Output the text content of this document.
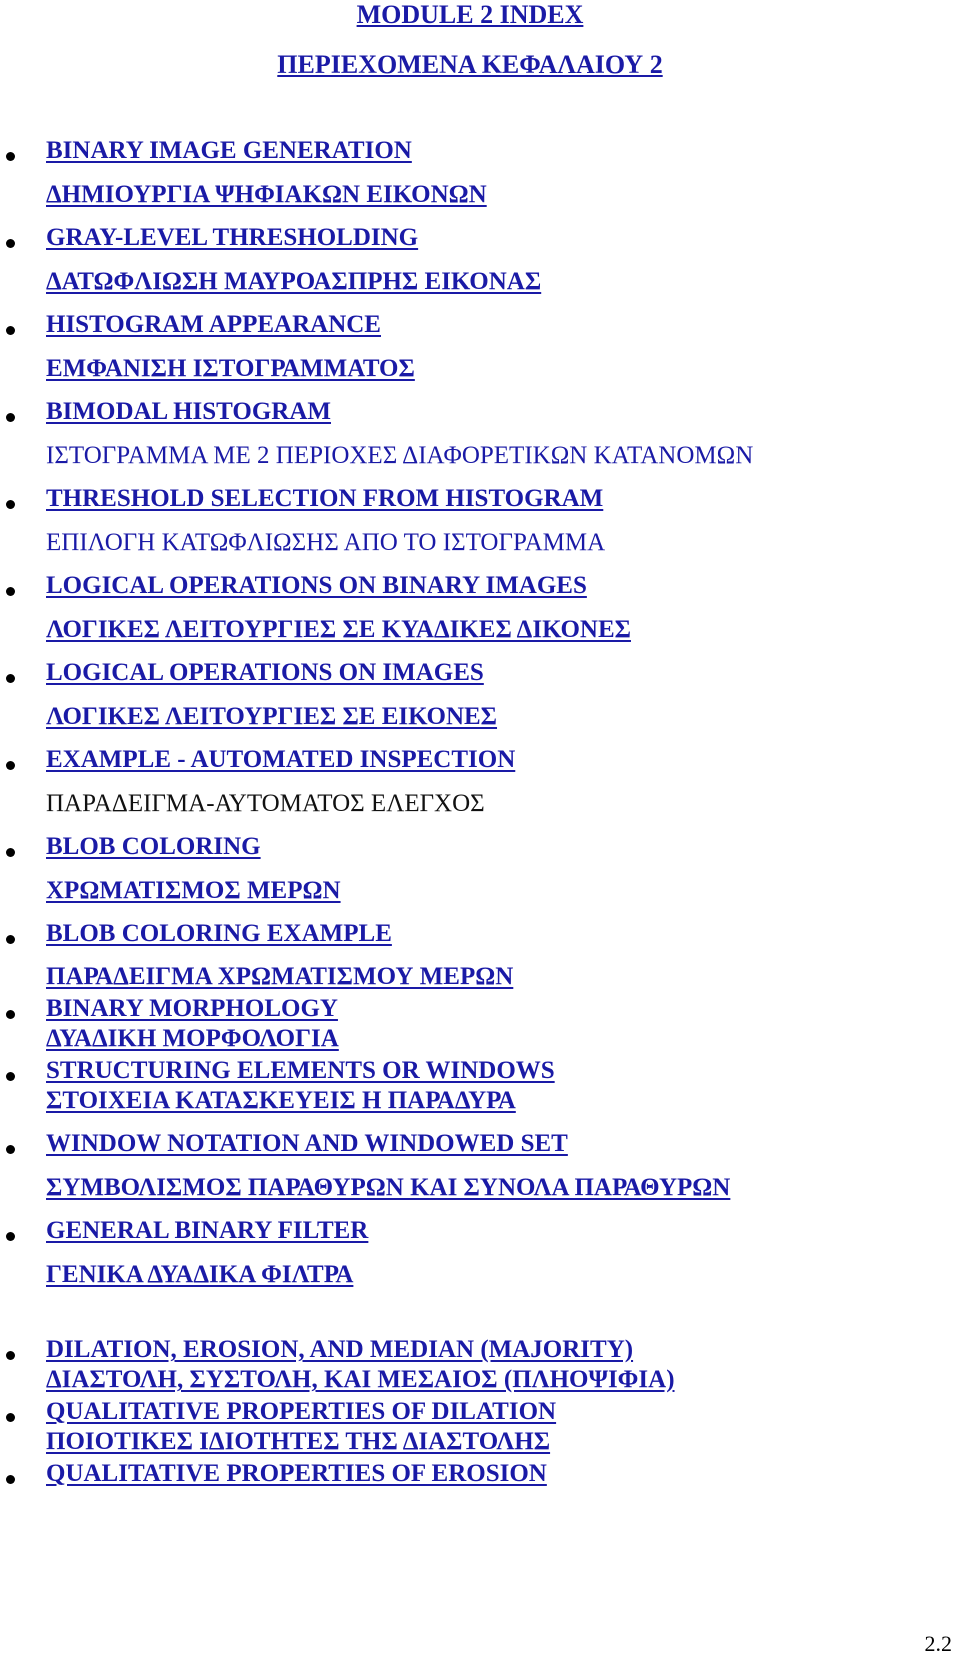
MODULE 2 INDEX
ΠΕΡΙΕΧΟΜΕΝΑ ΚΕΦΑΛΑΙΟΥ 2
BINARY IMAGE GENERATION
ΔΗΜΙΟΥΡΓΙΑ ΨΗΦΙΑΚΩΝ ΕΙΚΟΝΩΝ
GRAY-LEVEL THRESHOLDING
ΔΑΤΩΦΛΙΩΣΗ ΜΑΥΡΟΑΣΠΡΗΣ ΕΙΚΟΝΑΣ
HISTOGRAM APPEARANCE
ΕΜΦΑΝΙΣΗ ΙΣΤΟΓΡΑΜΜΑΤΟΣ
BIMODAL HISTOGRAM
ΙΣΤΟΓΡΑΜΜΑ ΜΕ 2 ΠΕΡΙΟΧΕΣ ΔΙΑΦΟΡΕΤΙΚΩΝ ΚΑΤΑΝΟΜΩΝ
THRESHOLD SELECTION FROM HISTOGRAM
ΕΠΙΛΟΓΗ ΚΑΤΩΦΛΙΩΣΗΣ ΑΠΟ ΤΟ ΙΣΤΟΓΡΑΜΜΑ
LOGICAL OPERATIONS ON BINARY IMAGES
ΛΟΓΙΚΕΣ ΛΕΙΤΟΥΡΓΙΕΣ ΣΕ ΚΥΑΔΙΚΕΣ ΔΙΚΟΝΕΣ
LOGICAL OPERATIONS ON IMAGES
ΛΟΓΙΚΕΣ ΛΕΙΤΟΥΡΓΙΕΣ ΣΕ ΕΙΚΟΝΕΣ
EXAMPLE - AUTOMATED INSPECTION
ΠΑΡΑΔΕΙΓΜΑ-ΑΥΤΟΜΑΤΟΣ ΕΛΕΓΧΟΣ
BLOB COLORING
ΧΡΩΜΑΤΙΣΜΟΣ ΜΕΡΩΝ
BLOB COLORING EXAMPLE
ΠΑΡΑΔΕΙΓΜΑ ΧΡΩΜΑΤΙΣΜΟΥ ΜΕΡΩΝ
BINARY MORPHOLOGY
ΔΥΑΔΙΚΗ ΜΟΡΦΟΛΟΓΙΑ
STRUCTURING ELEMENTS OR WINDOWS
ΣΤΟΙΧΕΙΑ ΚΑΤΑΣΚΕΥΕΙΣ Η ΠΑΡΑΔΥΡΑ
WINDOW NOTATION AND WINDOWED SET
ΣΥΜΒΟΛΙΣΜΟΣ ΠΑΡΑΘΥΡΩΝ ΚΑΙ ΣΥΝΟΛΑ ΠΑΡΑΘΥΡΩΝ
GENERAL BINARY FILTER
ΓΕΝΙΚΑ ΔΥΑΔΙΚΑ ΦΙΛΤΡΑ
DILATION, EROSION, AND MEDIAN (MAJORITY)
ΔΙΑΣΤΟΛΗ, ΣΥΣΤΟΛΗ, ΚΑΙ ΜΕΣΑΙΟΣ (ΠΛΗΟΨΙΦΙΑ)
QUALITATIVE PROPERTIES OF DILATION
ΠΟΙΟΤΙΚΕΣ ΙΔΙΟΤΗΤΕΣ ΤΗΣ ΔΙΑΣΤΟΛΗΣ
QUALITATIVE PROPERTIES OF EROSION
2.2
